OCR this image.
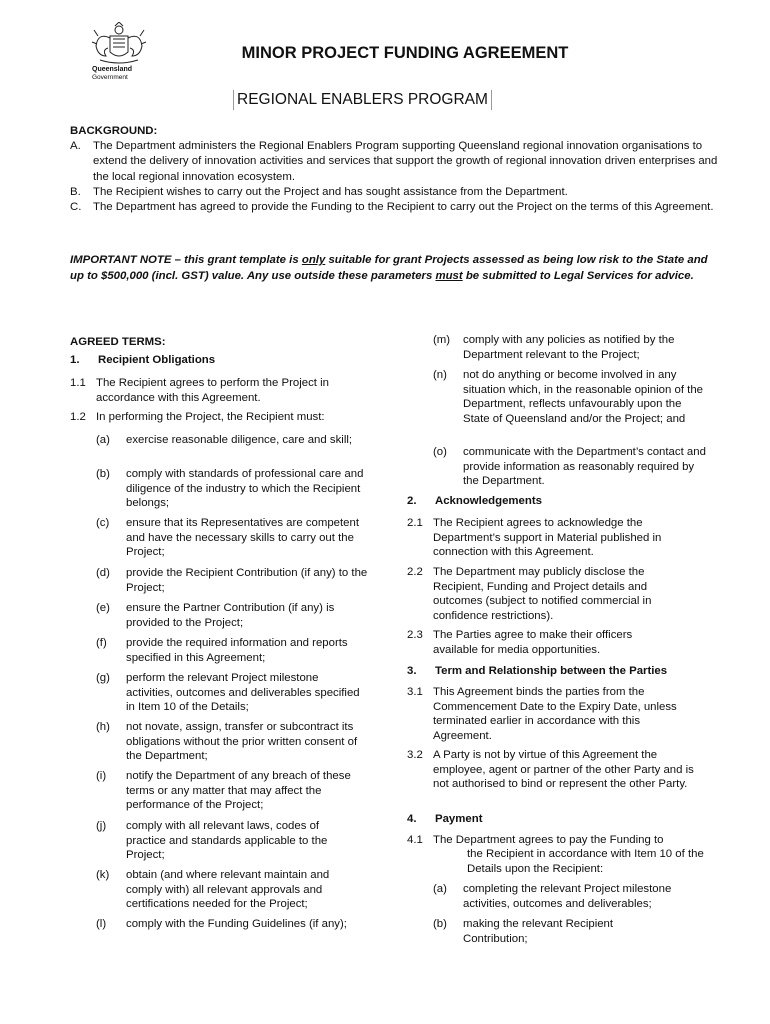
Queensland
Government
MINOR PROJECT FUNDING AGREEMENT
REGIONAL ENABLERS PROGRAM
BACKGROUND:
A.	The Department administers the Regional Enablers Program supporting Queensland regional innovation organisations to extend the delivery of innovation activities and services that support the growth of regional innovation driven enterprises and the local regional innovation ecosystem.
B.	The Recipient wishes to carry out the Project and has sought assistance from the Department.
C.	The Department has agreed to provide the Funding to the Recipient to carry out the Project on the terms of this Agreement.
IMPORTANT NOTE – this grant template is only suitable for grant Projects assessed as being low risk to the State and up to $500,000 (incl. GST) value. Any use outside these parameters must be submitted to Legal Services for advice.
AGREED TERMS:
1.	Recipient Obligations
1.1 The Recipient agrees to perform the Project in accordance with this Agreement.
1.2 In performing the Project, the Recipient must:
(a)	exercise reasonable diligence, care and skill;
(b)	comply with standards of professional care and diligence of the industry to which the Recipient belongs;
(c)	ensure that its Representatives are competent and have the necessary skills to carry out the Project;
(d)	provide the Recipient Contribution (if any) to the Project;
(e)	ensure the Partner Contribution (if any) is provided to the Project;
(f)	provide the required information and reports specified in this Agreement;
(g)	perform the relevant Project milestone activities, outcomes and deliverables specified in Item 10 of the Details;
(h)	not novate, assign, transfer or subcontract its obligations without the prior written consent of the Department;
(i)	notify the Department of any breach of these terms or any matter that may affect the performance of the Project;
(j)	comply with all relevant laws, codes of practice and standards applicable to the Project;
(k)	obtain (and where relevant maintain and comply with) all relevant approvals and certifications needed for the Project;
(l)	comply with the Funding Guidelines (if any);
(m)	comply with any policies as notified by the Department relevant to the Project;
(n)	not do anything or become involved in any situation which, in the reasonable opinion of the Department, reflects unfavourably upon the State of Queensland and/or the Project; and
(o)	communicate with the Department’s contact and provide information as reasonably required by the Department.
2.	Acknowledgements
2.1 The Recipient agrees to acknowledge the Department’s support in Material published in connection with this Agreement.
2.2 The Department may publicly disclose the Recipient, Funding and Project details and outcomes (subject to notified commercial in confidence restrictions).
2.3 The Parties agree to make their officers available for media opportunities.
3.	Term and Relationship between the Parties
3.1 This Agreement binds the parties from the Commencement Date to the Expiry Date, unless terminated earlier in accordance with this Agreement.
3.2 A Party is not by virtue of this Agreement the employee, agent or partner of the other Party and is not authorised to bind or represent the other Party.
4.	Payment
4.1 The Department agrees to pay the Funding to
the Recipient in accordance with Item 10 of the Details upon the Recipient:
(a)	completing the relevant Project milestone activities, outcomes and deliverables;
(b)	making the relevant Recipient Contribution;
